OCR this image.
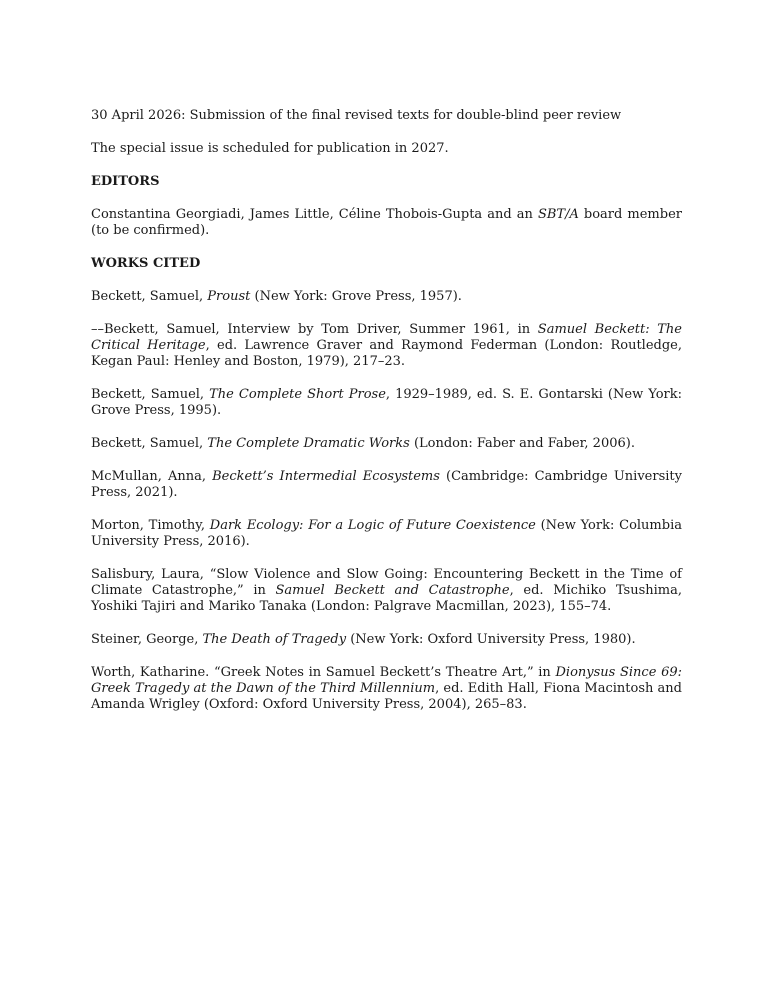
30 April 2026: Submission of the final revised texts for double-blind peer review

The special issue is scheduled for publication in 2027.

EDITORS

Constantina Georgiadi, James Little, Céline Thobois-Gupta and an SBT/A board member (to be confirmed).

WORKS CITED

Beckett, Samuel, Proust (New York: Grove Press, 1957).

––Beckett, Samuel, Interview by Tom Driver, Summer 1961, in Samuel Beckett: The Critical Heritage, ed. Lawrence Graver and Raymond Federman (London: Routledge, Kegan Paul: Henley and Boston, 1979), 217–23.

Beckett, Samuel, The Complete Short Prose, 1929–1989, ed. S. E. Gontarski (New York: Grove Press, 1995).

Beckett, Samuel, The Complete Dramatic Works (London: Faber and Faber, 2006).

McMullan, Anna, Beckett’s Intermedial Ecosystems (Cambridge: Cambridge University Press, 2021).

Morton, Timothy, Dark Ecology: For a Logic of Future Coexistence (New York: Columbia University Press, 2016).

Salisbury, Laura, “Slow Violence and Slow Going: Encountering Beckett in the Time of Climate Catastrophe,” in Samuel Beckett and Catastrophe, ed. Michiko Tsushima, Yoshiki Tajiri and Mariko Tanaka (London: Palgrave Macmillan, 2023), 155–74.

Steiner, George, The Death of Tragedy (New York: Oxford University Press, 1980).

Worth, Katharine. “Greek Notes in Samuel Beckett’s Theatre Art,” in Dionysus Since 69: Greek Tragedy at the Dawn of the Third Millennium, ed. Edith Hall, Fiona Macintosh and Amanda Wrigley (Oxford: Oxford University Press, 2004), 265–83.
